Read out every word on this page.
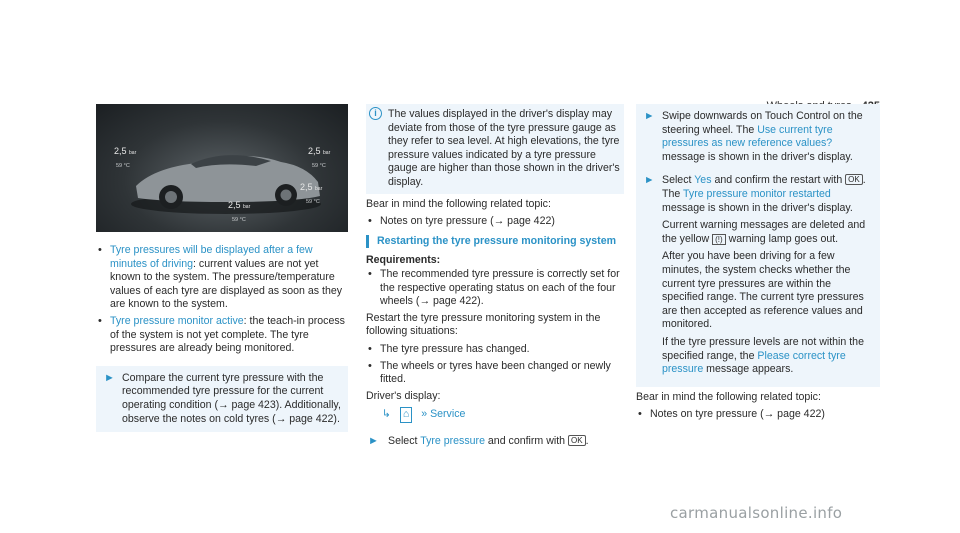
2,5 bar
59 °C
2,5 bar
59 °C
2,5 bar
59 °C
2,5 bar
59 °C
• Tyre pressures will be displayed after a few minutes of driving: current values are not yet known to the system. The pressure/temperature values of each tyre are displayed as soon as they are known to the system.
• Tyre pressure monitor active: the teach-in process of the system is not yet complete. The tyre pressures are already being monitored.
► Compare the current tyre pressure with the recommended tyre pressure for the current operating condition (→ page 423). Additionally, observe the notes on cold tyres (→ page 422).
i	The values displayed in the driver's display may deviate from those of the tyre pressure gauge as they refer to sea level. At high elevations, the tyre pressure values indicated by a tyre pressure gauge are higher than those shown in the driver's display.
Bear in mind the following related topic:
• Notes on tyre pressure (→ page 422)
Restarting the tyre pressure monitoring system
Requirements:
• The recommended tyre pressure is correctly set for the respective operating status on each of the four wheels (→ page 422).
Restart the tyre pressure monitoring system in the following situations:
• The tyre pressure has changed.
• The wheels or tyres have been changed or newly fitted.
Driver's display:
↳ ⌂ » Service
► Select Tyre pressure and confirm with OK .
► Swipe downwards on Touch Control on the steering wheel. The Use current tyre pressures as new reference values? message is shown in the driver's display.
► Select Yes and confirm the restart with OK . The Tyre pressure monitor restarted message is shown in the driver's display.
Current warning messages are deleted and the yellow (!) warning lamp goes out.
After you have been driving for a few minutes, the system checks whether the current tyre pressures are within the specified range. The current tyre pressures are then accepted as reference values and monitored.
If the tyre pressure levels are not within the specified range, the Please correct tyre pressure message appears.
Bear in mind the following related topic:
• Notes on tyre pressure (→ page 422)
carmanualsonline.info
